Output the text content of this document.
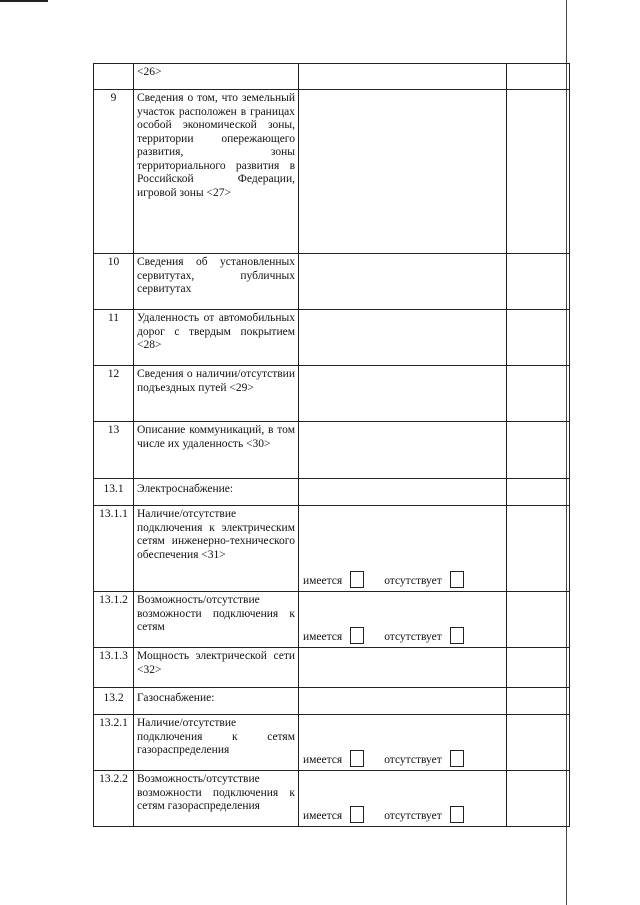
	<26>		
9	Сведения о том, что земельный участок расположен в границах особой экономической зоны, территории опережающего развития, зоны территориального развития в Российской Федерации, игровой зоны <27>		

10	Сведения об установленных сервитутах, публичных сервитутах		

11	Удаленность от автомобильных дорог с твердым покрытием <28>		

12	Сведения о наличии/отсутствии подъездных путей <29>		

13	Описание коммуникаций, в том числе их удаленность <30>		

13.1	Электроснабжение:		
13.1.1	Наличие/отсутствие подключения к электрическим сетям инженерно-технического обеспечения <31>	имеется отсутствует	

13.1.2	Возможность/отсутствие возможности подключения к сетям	имеется отсутствует	

13.1.3	Мощность электрической сети <32>		

13.2	Газоснабжение:		
13.2.1	Наличие/отсутствие подключения к сетям газораспределения	имеется отсутствует	

13.2.2	Возможность/отсутствие возможности подключения к сетям газораспределения	имеется отсутствует	
